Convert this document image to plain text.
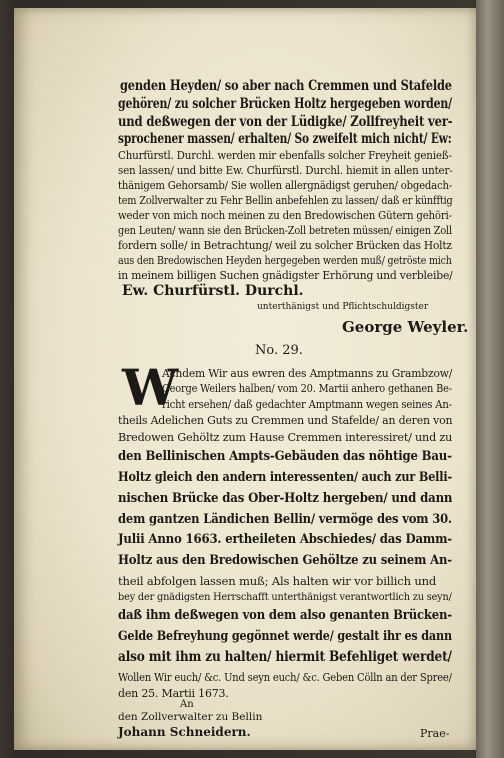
genden Heyden/ so aber nach Cremmen und Stafelde
gehören/ zu solcher Brücken Holtz hergegeben worden/
und deßwegen der von der Lüdigke/ Zollfreyheit ver-
sprochener massen/ erhalten/ So zweifelt mich nicht/ Ew:
Churfürstl. Durchl. werden mir ebenfalls solcher Freyheit genieß-
sen lassen/ und bitte Ew. Churfürstl. Durchl. hiemit in allen unter-
thänigem Gehorsamb/ Sie wollen allergnädigst geruhen/ obgedach-
tem Zollverwalter zu Fehr Bellin anbefehlen zu lassen/ daß er künfftig
weder von mich noch meinen zu den Bredowischen Gütern gehöri-
gen Leuten/ wann sie den Brücken-Zoll betreten müssen/ einigen Zoll
fordern solle/ in Betrachtung/ weil zu solcher Brücken das Holtz
aus den Bredowischen Heyden hergegeben werden muß/ getröste mich
in meinem billigen Suchen gnädigster Erhörung und verbleibe/
Ew. Churfürstl. Durchl.
unterthänigst und Pflichtschuldigster
George Weyler.
No. 29.
W
Achdem Wir aus ewren des Amptmanns zu Grambzow/
George Weilers halben/ vom 20. Martii anhero gethanen Be-
richt ersehen/ daß gedachter Amptmann wegen seines An-
theils Adelichen Guts zu Cremmen und Stafelde/ an deren von
Bredowen Gehöltz zum Hause Cremmen interessiret/ und zu
den Bellinischen Ampts-Gebäuden das nöhtige Bau-
Holtz gleich den andern interessenten/ auch zur Belli-
nischen Brücke das Ober-Holtz hergeben/ und dann
dem gantzen Ländichen Bellin/ vermöge des vom 30.
Julii Anno 1663. ertheileten Abschiedes/ das Damm-
Holtz aus den Bredowischen Gehöltze zu seinem An-
theil abfolgen lassen muß; Als halten wir vor billich und
bey der gnädigsten Herrschafft unterthänigst verantwortlich zu seyn/
daß ihm deßwegen von dem also genanten Brücken-
Gelde Befreyhung gegönnet werde/ gestalt ihr es dann
also mit ihm zu halten/ hiermit Befehliget werdet/
Wollen Wir euch/ &c. Und seyn euch/ &c. Geben Cölln an der Spree/
den 25. Martii 1673.
An
den Zollverwalter zu Bellin
Johann Schneidern.	Prae-
